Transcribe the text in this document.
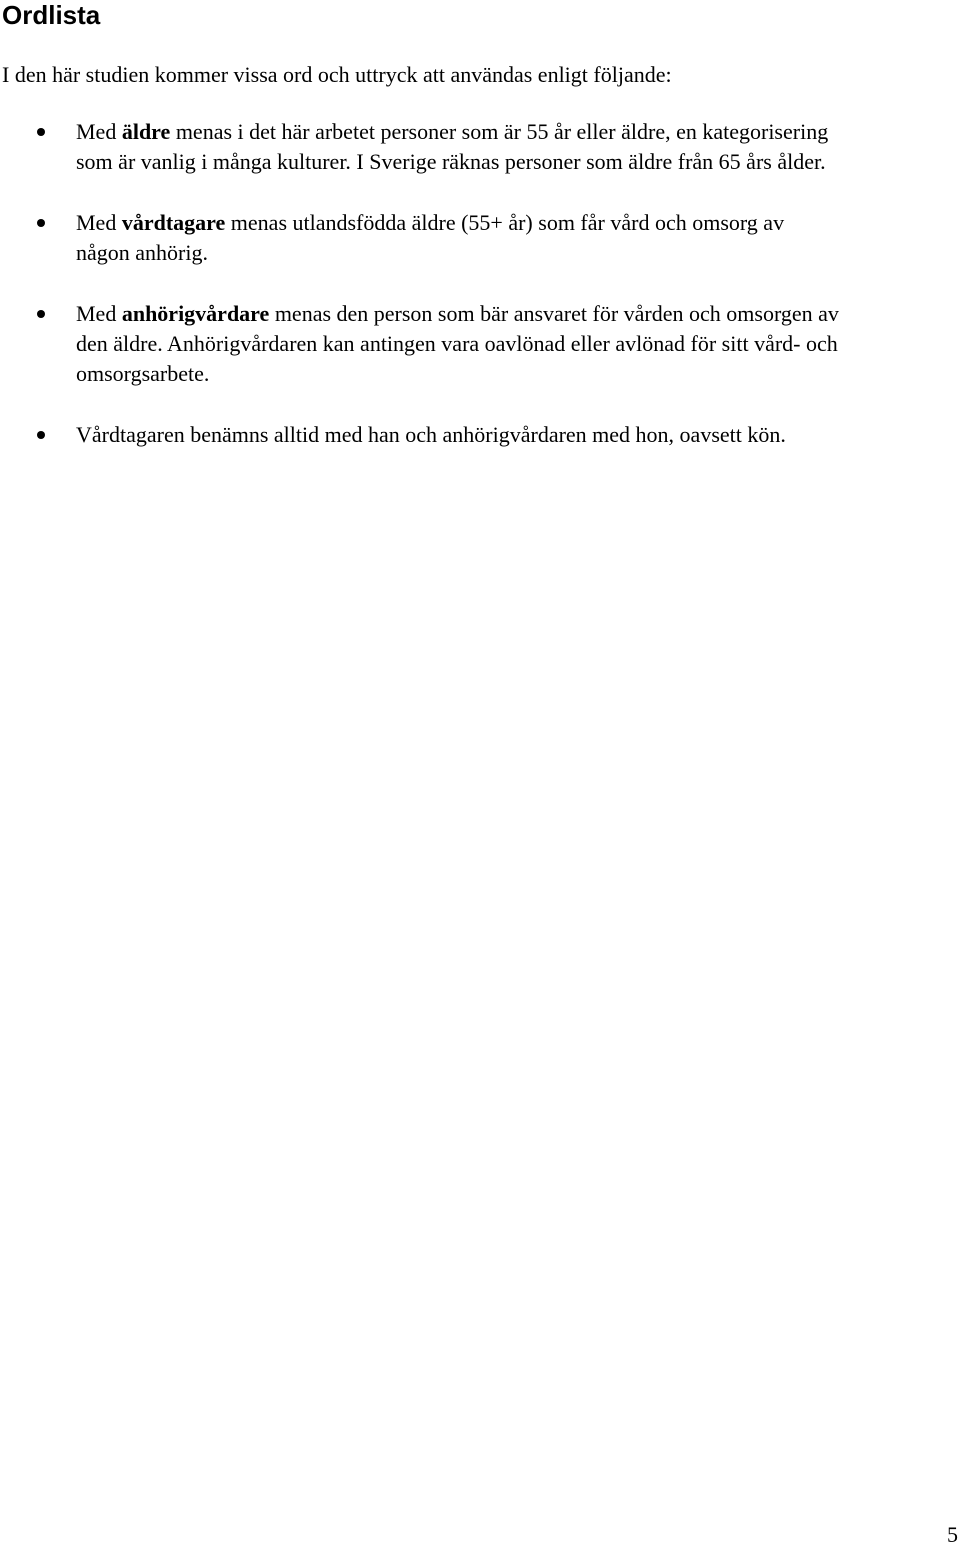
Ordlista

I den här studien kommer vissa ord och uttryck att användas enligt följande:

Med äldre menas i det här arbetet personer som är 55 år eller äldre, en kategorisering
som är vanlig i många kulturer. I Sverige räknas personer som äldre från 65 års ålder.
Med vårdtagare menas utlandsfödda äldre (55+ år) som får vård och omsorg av
någon anhörig.
Med anhörigvårdare menas den person som bär ansvaret för vården och omsorgen av
den äldre. Anhörigvårdaren kan antingen vara oavlönad eller avlönad för sitt vård- och
omsorgsarbete.
Vårdtagaren benämns alltid med han och anhörigvårdaren med hon, oavsett kön.
5
